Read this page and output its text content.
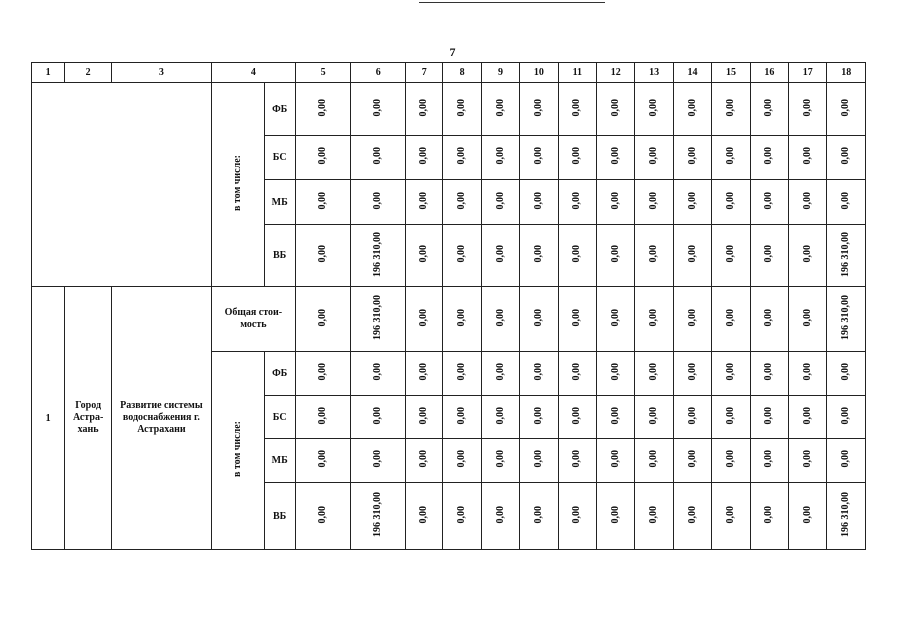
7
1	2	3	4		5	6	7	8	9	10	11	12	13	14	15	16	17	18
			в том числе:	ФБ	0,00	0,00	0,00	0,00	0,00	0,00	0,00	0,00	0,00	0,00	0,00	0,00	0,00	0,00
				БС	0,00	0,00	0,00	0,00	0,00	0,00	0,00	0,00	0,00	0,00	0,00	0,00	0,00	0,00
				МБ	0,00	0,00	0,00	0,00	0,00	0,00	0,00	0,00	0,00	0,00	0,00	0,00	0,00	0,00
				ВБ	0,00	196 310,00	0,00	0,00	0,00	0,00	0,00	0,00	0,00	0,00	0,00	0,00	0,00	196 310,00
1	Город Астра-хань	Развитие системы водоснабжения г. Астрахани	Общая стои-мость		0,00	196 310,00	0,00	0,00	0,00	0,00	0,00	0,00	0,00	0,00	0,00	0,00	0,00	196 310,00
			в том числе:	ФБ	0,00	0,00	0,00	0,00	0,00	0,00	0,00	0,00	0,00	0,00	0,00	0,00	0,00	0,00
				БС	0,00	0,00	0,00	0,00	0,00	0,00	0,00	0,00	0,00	0,00	0,00	0,00	0,00	0,00
				МБ	0,00	0,00	0,00	0,00	0,00	0,00	0,00	0,00	0,00	0,00	0,00	0,00	0,00	0,00
				ВБ	0,00	196 310,00	0,00	0,00	0,00	0,00	0,00	0,00	0,00	0,00	0,00	0,00	0,00	196 310,00
